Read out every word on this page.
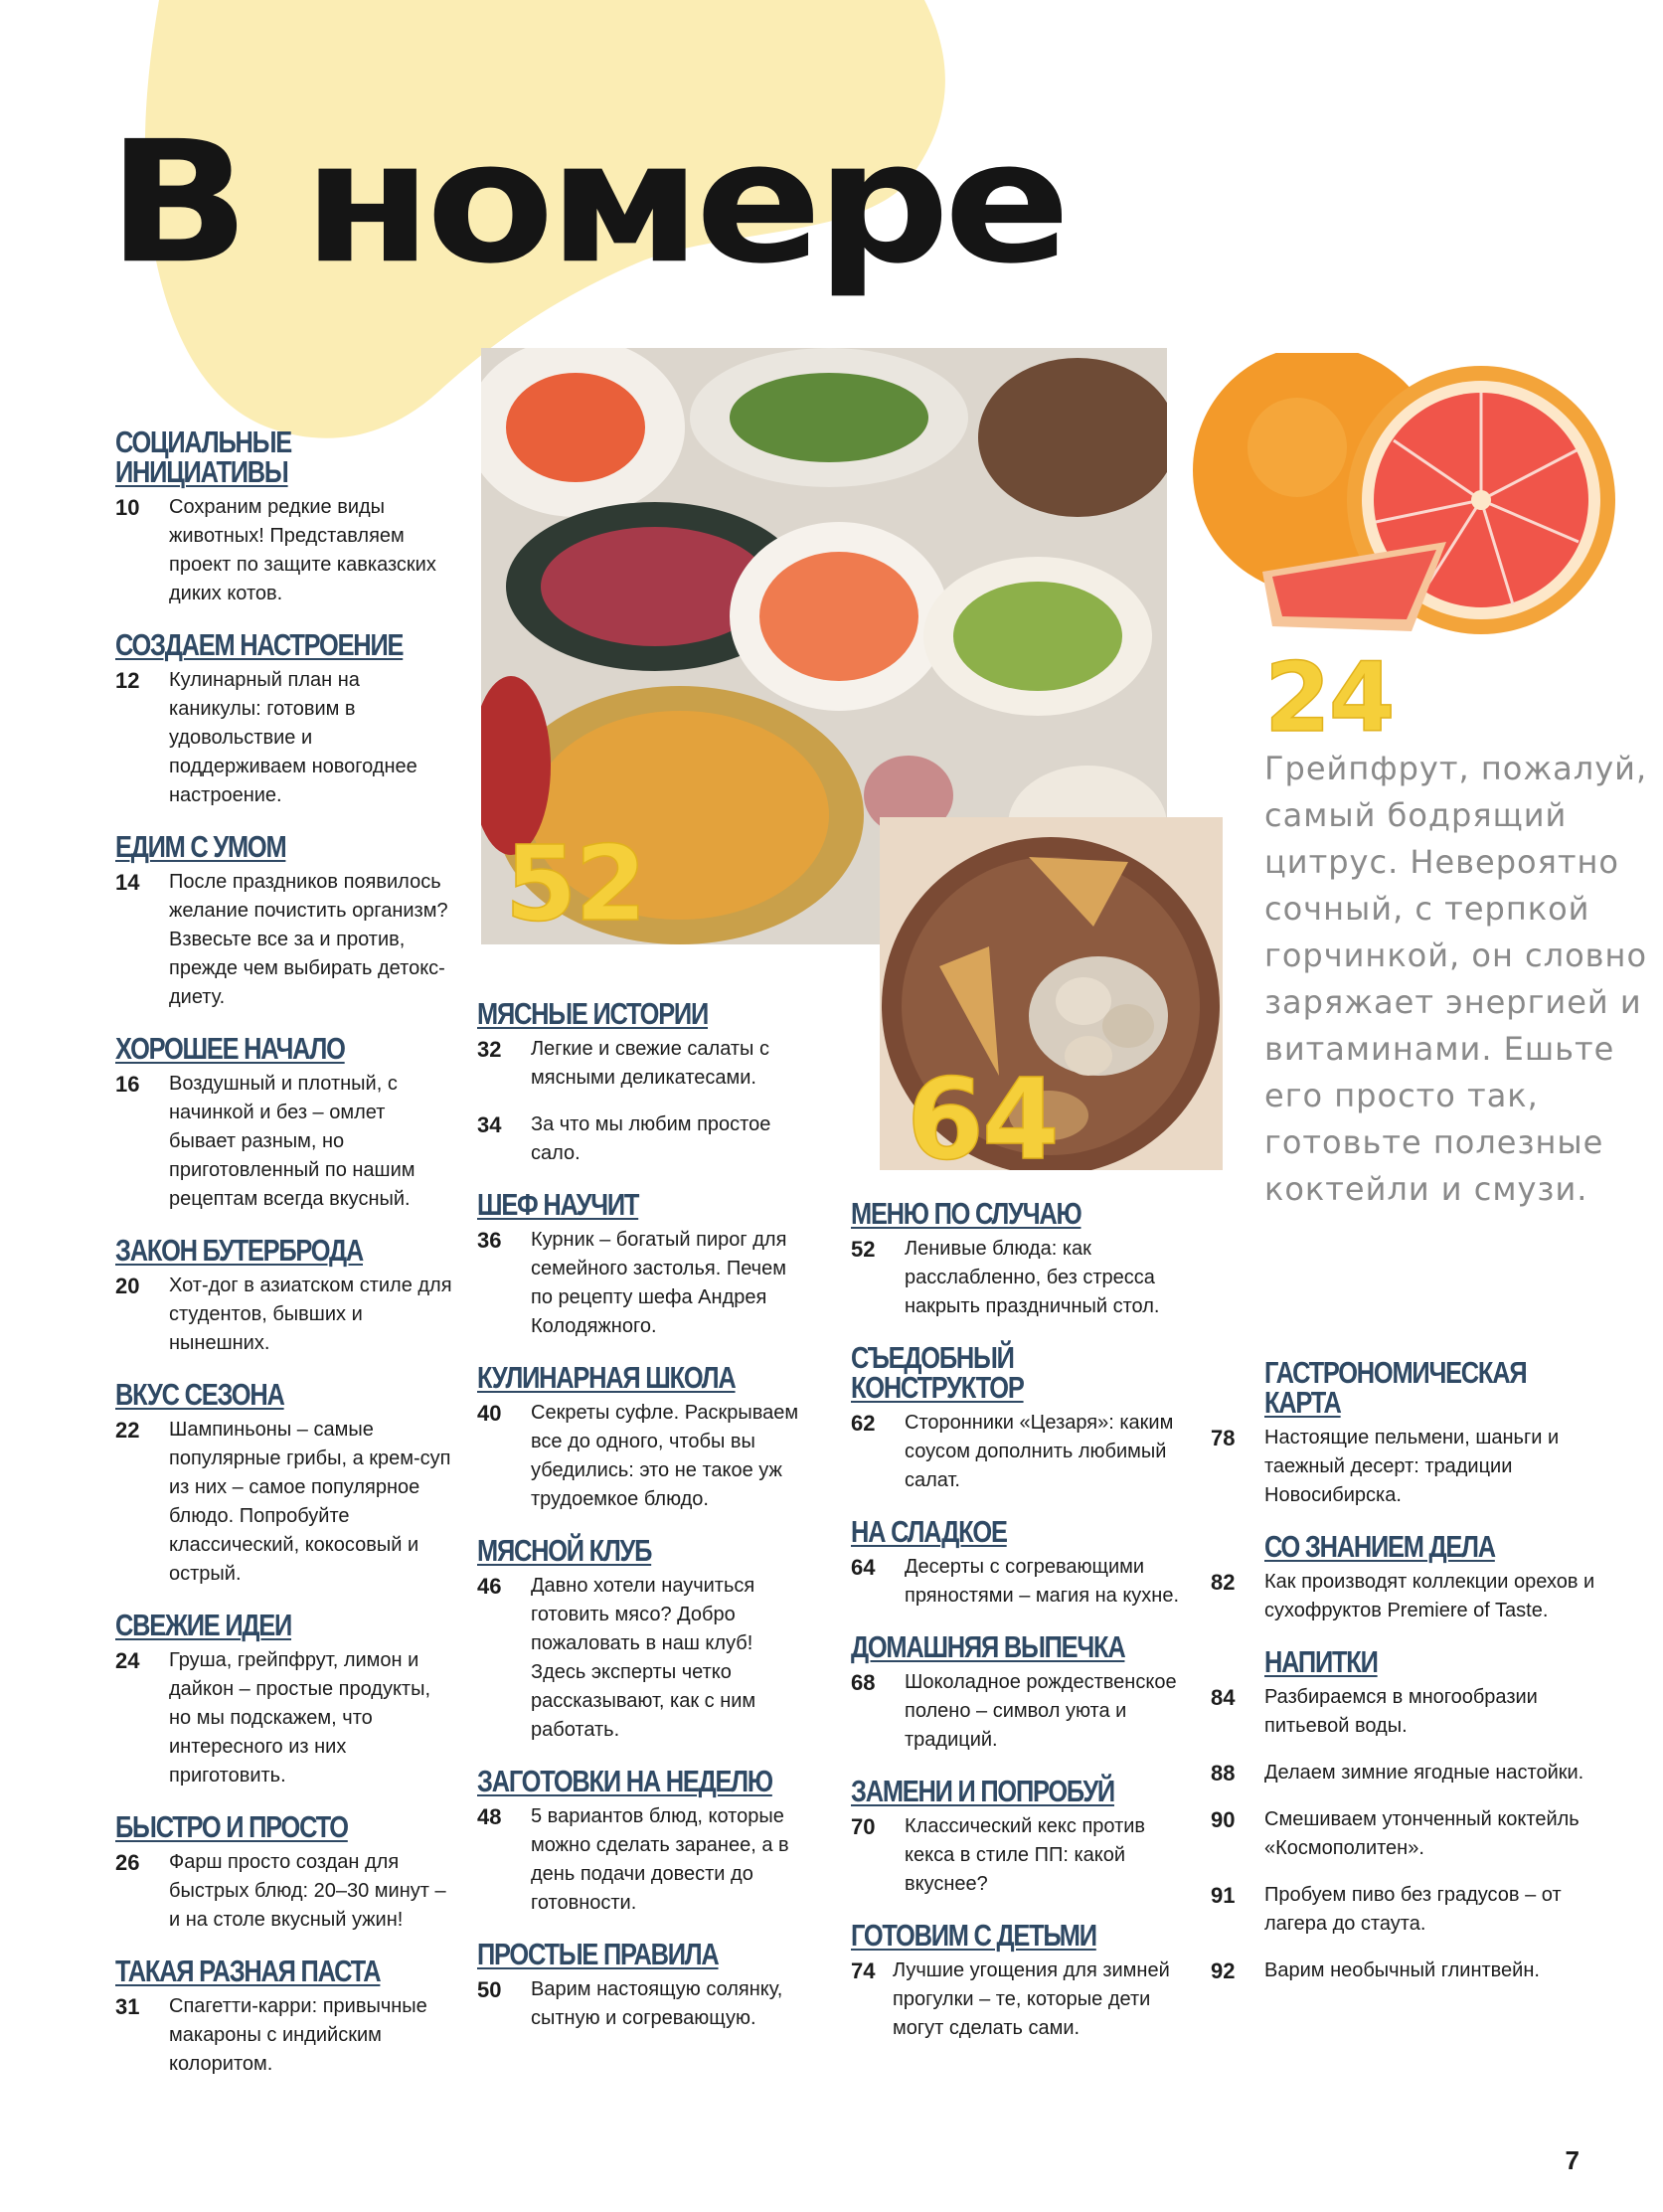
В номере
52
64
24
Грейпфрут, пожалуй, самый бодрящий цитрус. Невероятно сочный, с терпкой горчинкой, он словно заряжает энергией и витаминами. Ешьте его просто так, готовьте полезные коктейли и смузи.
СОЦИАЛЬНЫЕ
ИНИЦИАТИВЫ
10	Сохраним редкие виды животных! Представляем проект по защите кавказских диких котов.
СОЗДАЕМ НАСТРОЕНИЕ
12	Кулинарный план на каникулы: готовим в удовольствие и поддерживаем новогоднее настроение.
ЕДИМ С УМОМ
14	После праздников появилось желание почистить организм? Взвесьте все за и против, прежде чем выбирать детокс-диету.
ХОРОШЕЕ НАЧАЛО
16	Воздушный и плотный, с начинкой и без – омлет бывает разным, но приготовленный по нашим рецептам всегда вкусный.
ЗАКОН БУТЕРБРОДА
20	Хот-дог в азиатском стиле для студентов, бывших и нынешних.
ВКУС СЕЗОНА
22	Шампиньоны – самые популярные грибы, а крем-суп из них – самое популярное блюдо. Попробуйте классический, кокосовый и острый.
СВЕЖИЕ ИДЕИ
24	Груша, грейпфрут, лимон и дайкон – простые продукты, но мы подскажем, что интересного из них приготовить.
БЫСТРО И ПРОСТО
26	Фарш просто создан для быстрых блюд: 20–30 минут – и на столе вкусный ужин!
ТАКАЯ РАЗНАЯ ПАСТА
31	Спагетти-карри: привычные макароны с индийским колоритом.
МЯСНЫЕ ИСТОРИИ
32	Легкие и свежие салаты с мясными деликатесами.
34	За что мы любим простое сало.
ШЕФ НАУЧИТ
36	Курник – богатый пирог для семейного застолья. Печем по рецепту шефа Андрея Колодяжного.
КУЛИНАРНАЯ ШКОЛА
40	Секреты суфле. Раскрываем все до одного, чтобы вы убедились: это не такое уж трудоемкое блюдо.
МЯСНОЙ КЛУБ
46	Давно хотели научиться готовить мясо? Добро пожаловать в наш клуб! Здесь эксперты четко рассказывают, как с ним работать.
ЗАГОТОВКИ НА НЕДЕЛЮ
48	5 вариантов блюд, которые можно сделать заранее, а в день подачи довести до готовности.
ПРОСТЫЕ ПРАВИЛА
50	Варим настоящую солянку, сытную и согревающую.
МЕНЮ ПО СЛУЧАЮ
52	Ленивые блюда: как расслабленно, без стресса накрыть праздничный стол.
СЪЕДОБНЫЙ
КОНСТРУКТОР
62	Сторонники «Цезаря»: каким соусом дополнить любимый салат.
НА СЛАДКОЕ
64	Десерты с согревающими пряностями – магия на кухне.
ДОМАШНЯЯ ВЫПЕЧКА
68	Шоколадное рождественское полено – символ уюта и традиций.
ЗАМЕНИ И ПОПРОБУЙ
70	Классический кекс против кекса в стиле ПП: какой вкуснее?
ГОТОВИМ С ДЕТЬМИ
74 Лучшие угощения для зимней прогулки – те, которые дети могут сделать сами.
ГАСТРОНОМИЧЕСКАЯ
КАРТА
78	Настоящие пельмени, шаньги и таежный десерт: традиции Новосибирска.
СО ЗНАНИЕМ ДЕЛА
82	Как производят коллекции орехов и сухофруктов Premiere of Taste.
НАПИТКИ
84	Разбираемся в многообразии питьевой воды.
88	Делаем зимние ягодные настойки.
90	Смешиваем утонченный коктейль «Космополитен».
91	Пробуем пиво без градусов – от лагера до стаута.
92	Варим необычный глинтвейн.
7
